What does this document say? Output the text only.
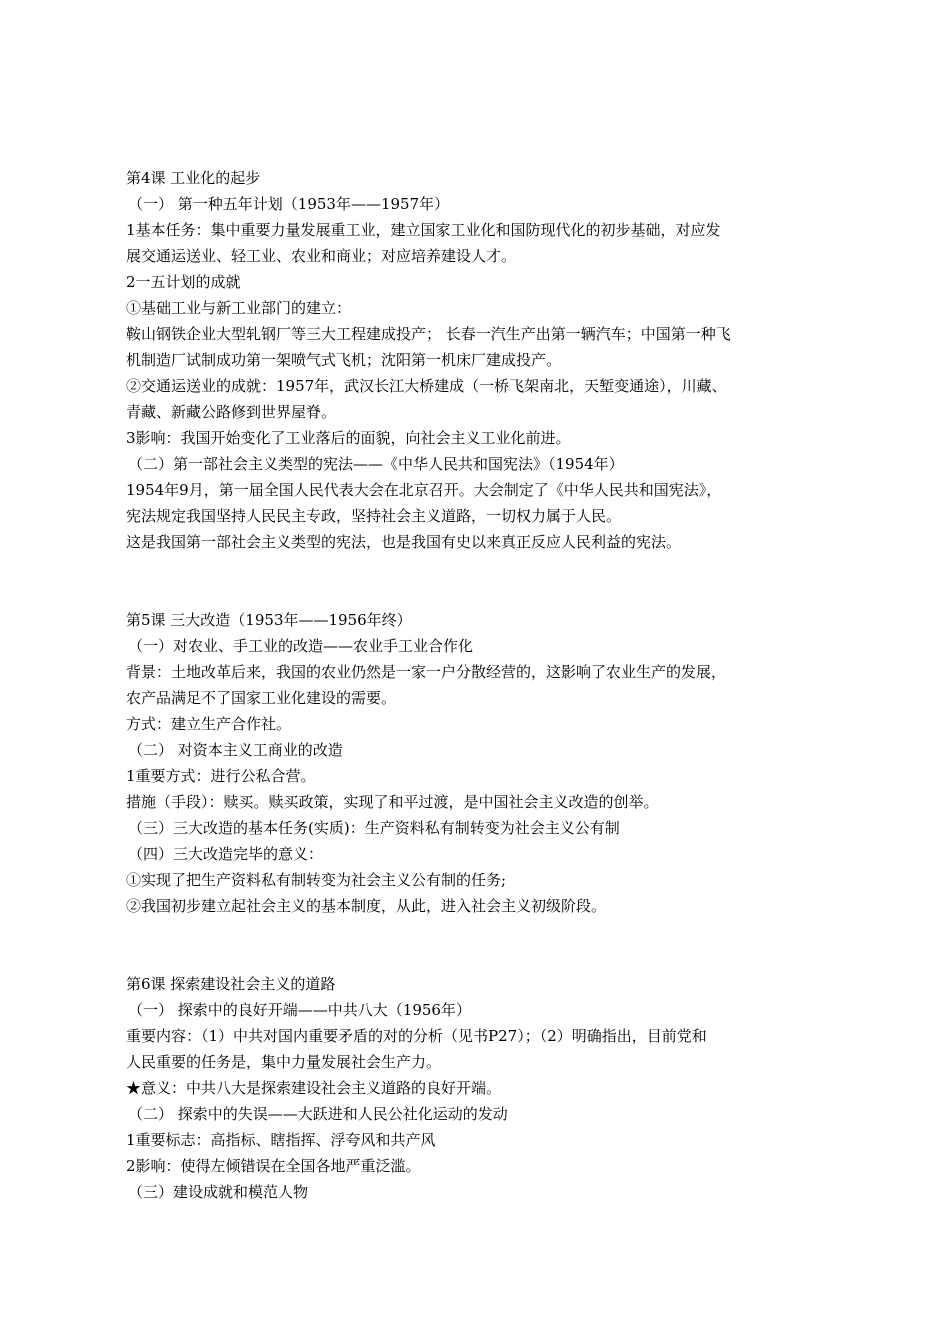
第4课 工业化的起步

（一） 第一种五年计划（1953年——1957年）

1基本任务：集中重要力量发展重工业，建立国家工业化和国防现代化的初步基础，对应发

展交通运送业、轻工业、农业和商业；对应培养建设人才。

2一五计划的成就

①基础工业与新工业部门的建立：

鞍山钢铁企业大型轧钢厂等三大工程建成投产； 长春一汽生产出第一辆汽车；中国第一种飞

机制造厂试制成功第一架喷气式飞机；沈阳第一机床厂建成投产。

②交通运送业的成就：1957年，武汉长江大桥建成（一桥飞架南北，天堑变通途），川藏、

青藏、新藏公路修到世界屋脊。

3影响：我国开始变化了工业落后的面貌，向社会主义工业化前进。

（二）第一部社会主义类型的宪法——《中华人民共和国宪法》（1954年）

1954年9月，第一届全国人民代表大会在北京召开。大会制定了《中华人民共和国宪法》，

宪法规定我国坚持人民民主专政，坚持社会主义道路，一切权力属于人民。

这是我国第一部社会主义类型的宪法，也是我国有史以来真正反应人民利益的宪法。

第5课 三大改造（1953年——1956年终）

（一）对农业、手工业的改造——农业手工业合作化

背景：土地改革后来，我国的农业仍然是一家一户分散经营的，这影响了农业生产的发展，

农产品满足不了国家工业化建设的需要。

方式：建立生产合作社。

（二） 对资本主义工商业的改造

1重要方式：进行公私合营。

措施（手段）：赎买。赎买政策，实现了和平过渡，是中国社会主义改造的创举。

（三）三大改造的基本任务(实质)：生产资料私有制转变为社会主义公有制

（四）三大改造完毕的意义：

①实现了把生产资料私有制转变为社会主义公有制的任务;

②我国初步建立起社会主义的基本制度，从此，进入社会主义初级阶段。

第6课 探索建设社会主义的道路

（一） 探索中的良好开端——中共八大（1956年）

重要内容：（1）中共对国内重要矛盾的对的分析（见书P27）；（2）明确指出，目前党和

人民重要的任务是，集中力量发展社会生产力。

★意义：中共八大是探索建设社会主义道路的良好开端。

（二） 探索中的失误——大跃进和人民公社化运动的发动

1重要标志：高指标、瞎指挥、浮夸风和共产风

2影响：使得左倾错误在全国各地严重泛滥。

（三）建设成就和模范人物
